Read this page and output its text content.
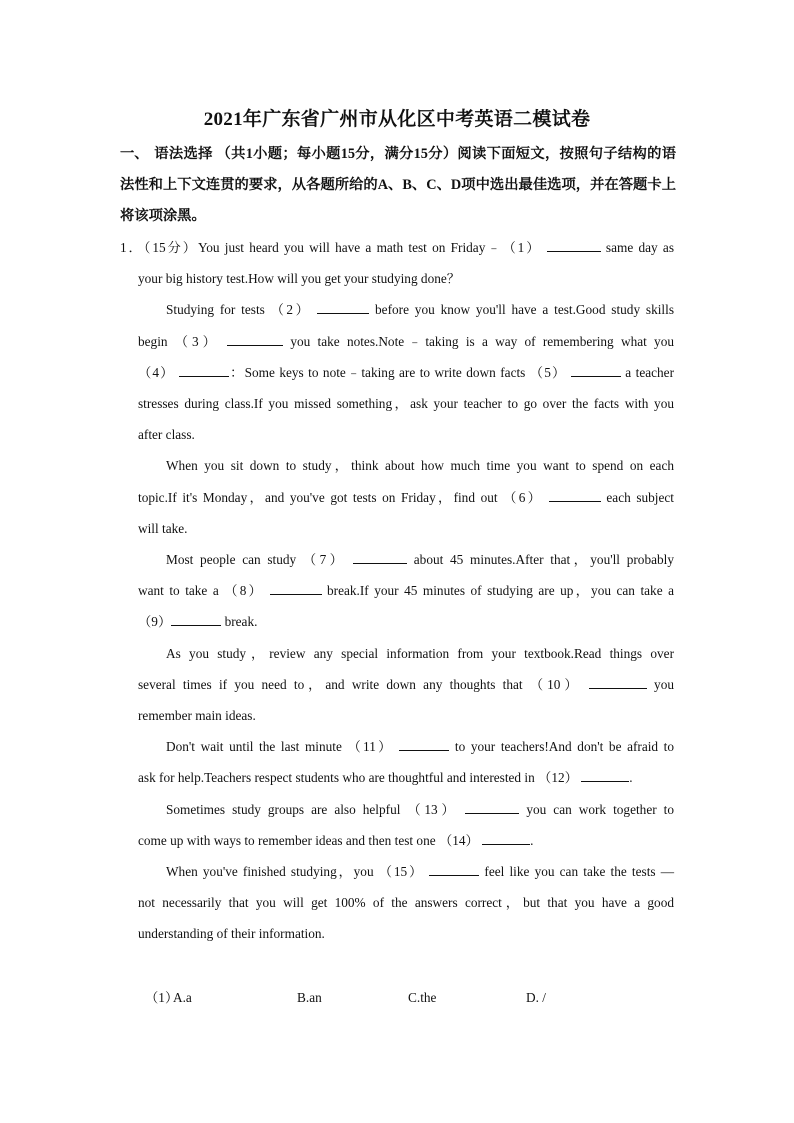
2021年广东省广州市从化区中考英语二模试卷
一、 语法选择 （共1小题；每小题15分，满分15分）阅读下面短文，按照句子结构的语法性和上下文连贯的要求，从各题所给的A、B、C、D项中选出最佳选项，并在答题卡上将该项涂黑。
1．（15分）You just heard you will have a math test on Friday﹣（1）	same day as
your big history test.How will you get your studying done？
Studying for tests （2）	before you know you'll have a test.Good study skills
begin （3）	you take notes.Note﹣taking is a way of remembering what you
（4）	：Some keys to note﹣taking are to write down facts （5）	a teacher
stresses during class.If you missed something，ask your teacher to go over the facts with you
after class.
When you sit down to study，think about how much time you want to spend on each
topic.If it's Monday，and you've got tests on Friday，find out （6）	each subject
will take.
Most people can study （7）	about 45 minutes.After that，you'll probably
want to take a （8）	break.If your 45 minutes of studying are up，you can take a
（9）	break.
As you study，review any special information from your textbook.Read things over
several times if you need to，and write down any thoughts that （10）	you
remember main ideas.
Don't wait until the last minute （11）	to your teachers!And don't be afraid to
ask for help.Teachers respect students who are thoughtful and interested in （12）	.
Sometimes study groups are also helpful （13）	you can work together to
come up with ways to remember ideas and then test one （14）	.
When you've finished studying，you （15）	feel like you can take the tests —
not necessarily that you will get 100% of the answers correct，but that you have a good
understanding of their information.
（1）
A.a	B.an	C.the	D. /
